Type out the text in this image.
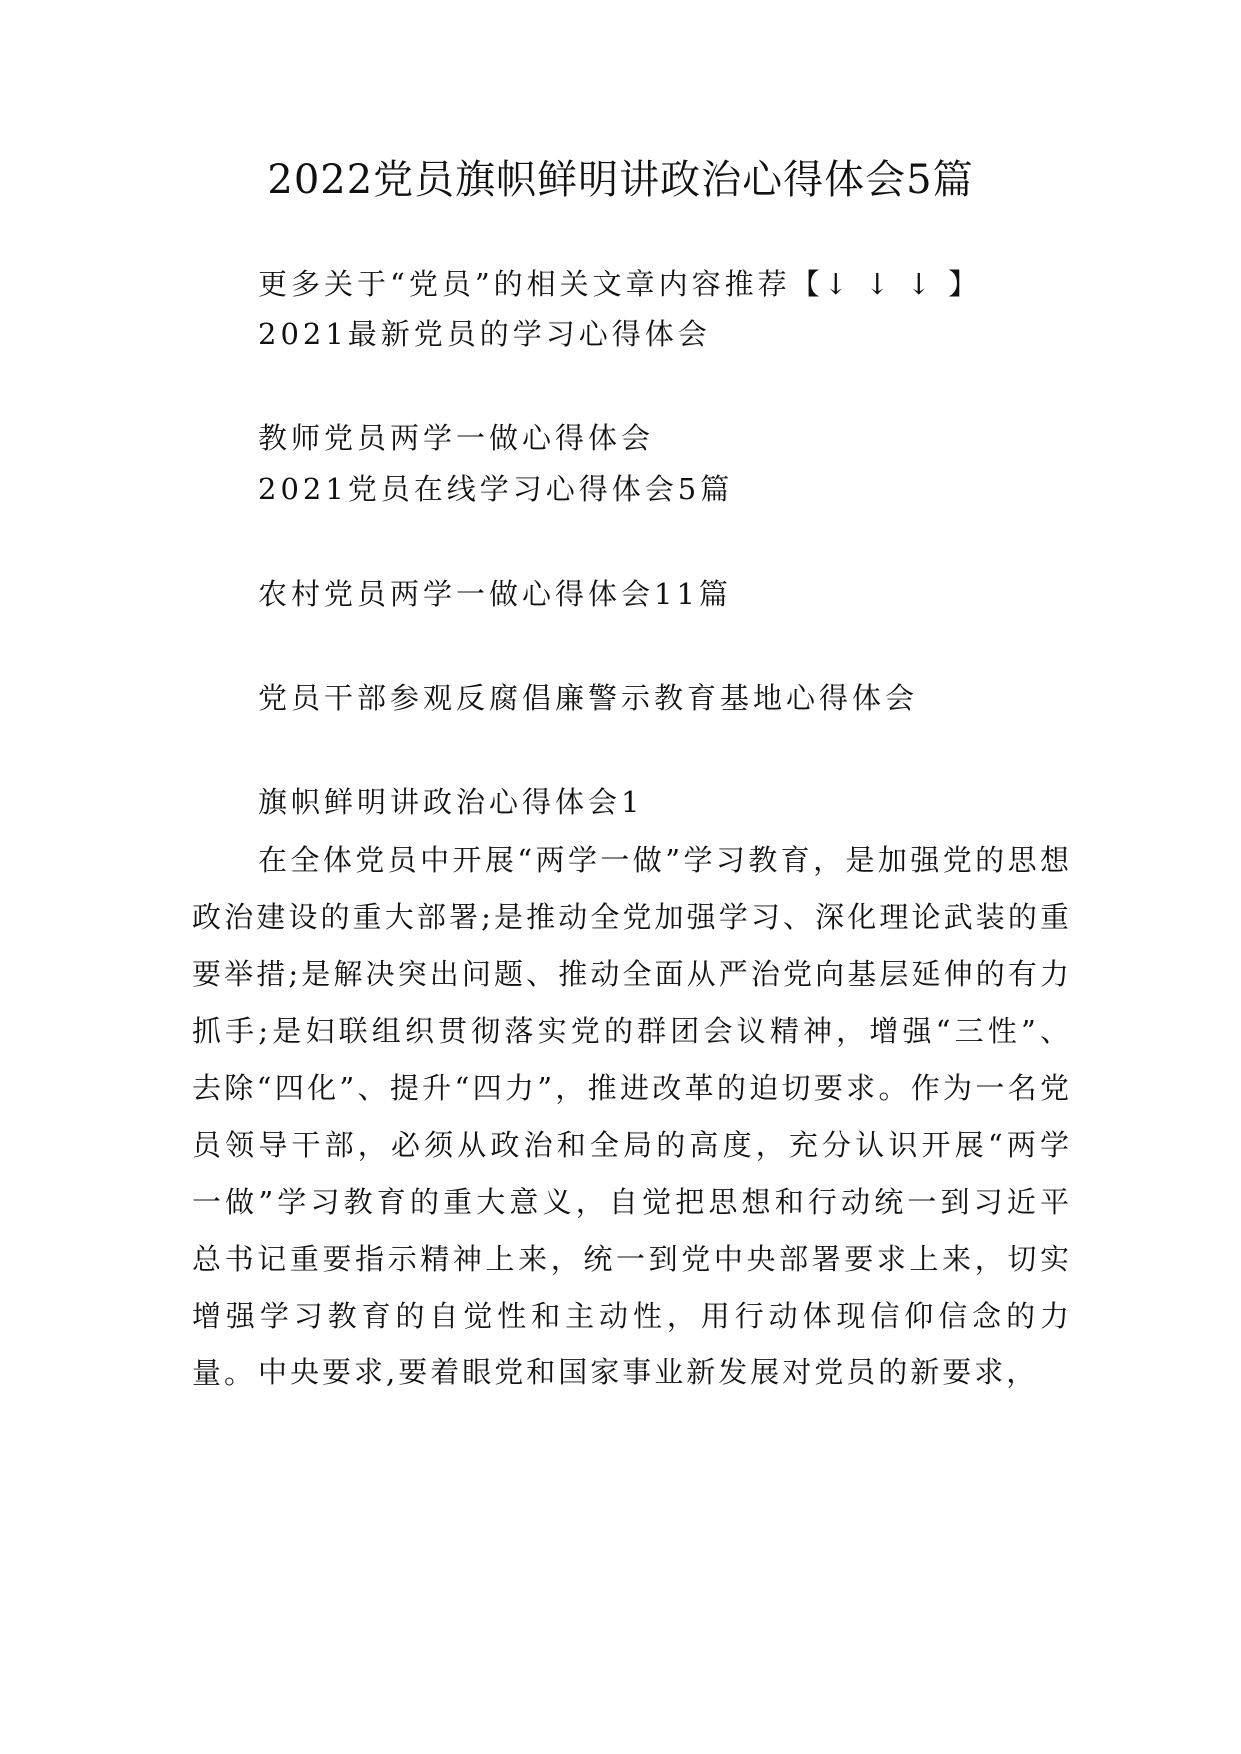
2022党员旗帜鲜明讲政治心得体会5篇
更多关于“党员”的相关文章内容推荐【↓ ↓ ↓ 】
2021最新党员的学习心得体会
教师党员两学一做心得体会
2021党员在线学习心得体会5篇
农村党员两学一做心得体会11篇
党员干部参观反腐倡廉警示教育基地心得体会
旗帜鲜明讲政治心得体会1

在全体党员中开展“两学一做”学习教育，是加强党的思想政治建设的重大部署;是推动全党加强学习、深化理论武装的重要举措;是解决突出问题、推动全面从严治党向基层延伸的有力抓手;是妇联组织贯彻落实党的群团会议精神，增强“三性”、去除“四化”、提升“四力”，推进改革的迫切要求。作为一名党员领导干部，必须从政治和全局的高度，充分认识开展“两学一做”学习教育的重大意义，自觉把思想和行动统一到习近平总书记重要指示精神上来，统一到党中央部署要求上来，切实增强学习教育的自觉性和主动性，用行动体现信仰信念的力量。 中央要求,要着眼党和国家事业新发展对党员的新要求，
